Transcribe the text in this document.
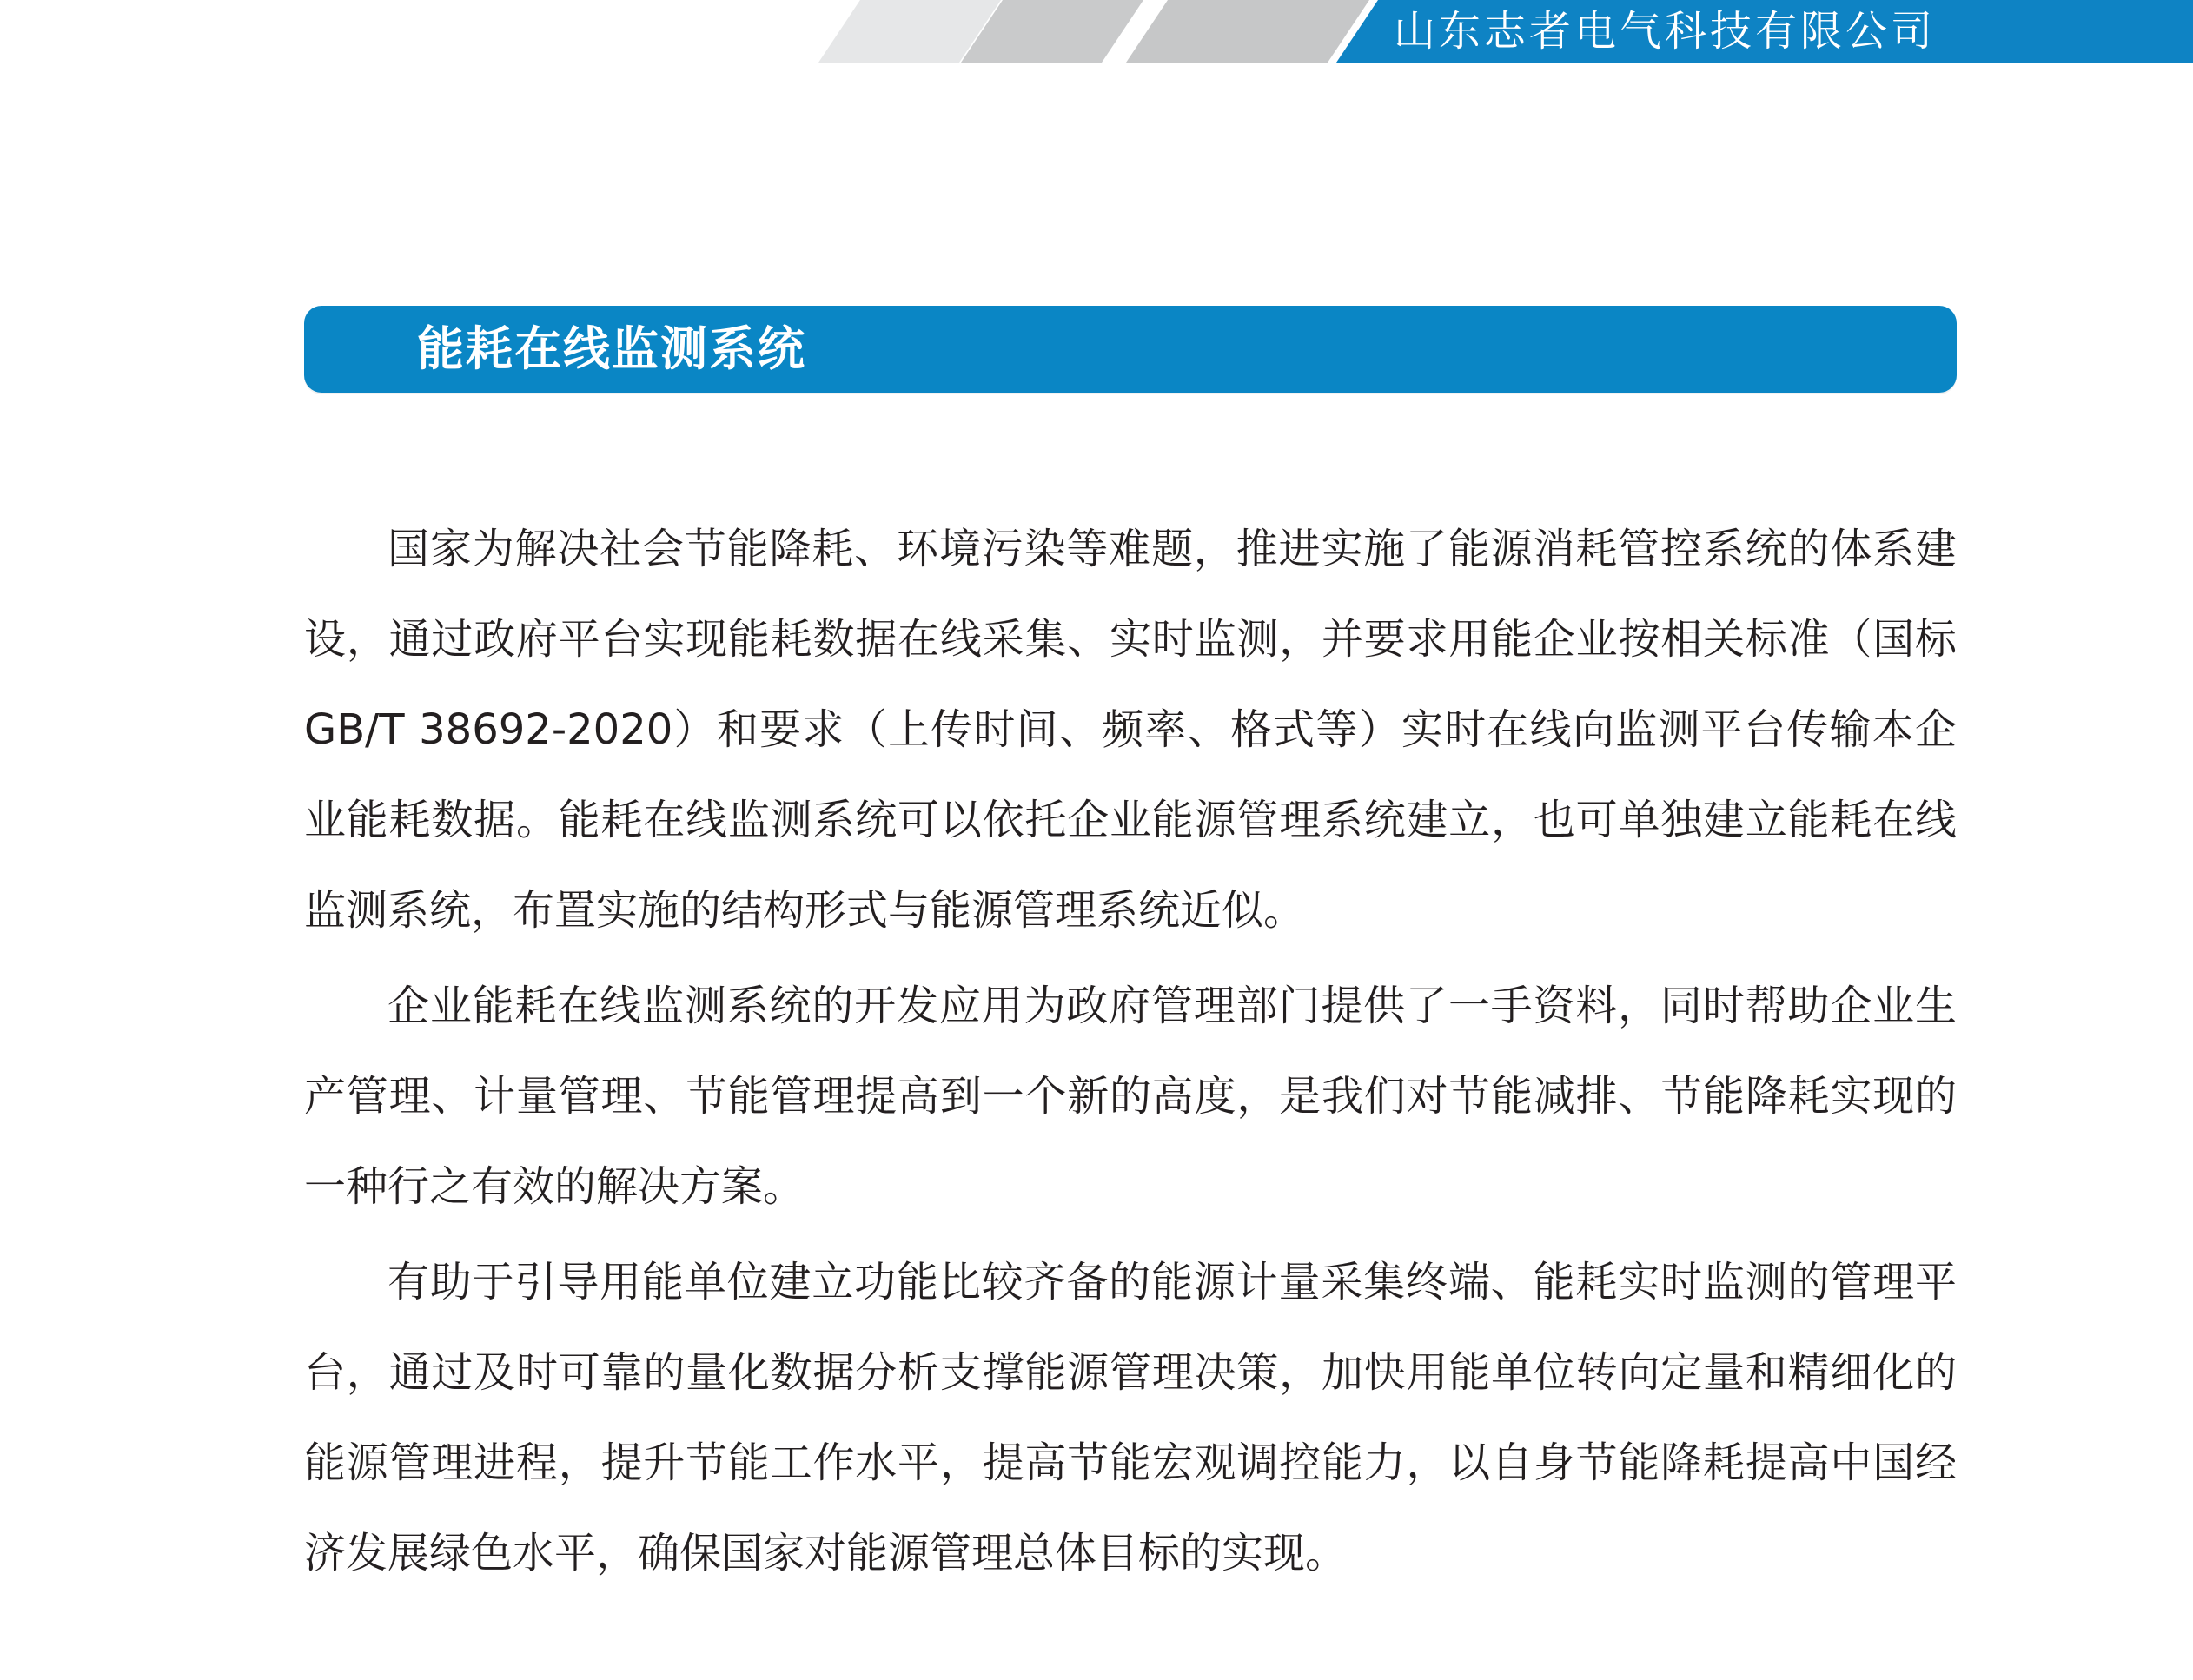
山东志者电气科技有限公司
能耗在线监测系统

国家为解决社会节能降耗、环境污染等难题，推进实施了能源消耗管控系统的体系建设，通过政府平台实现能耗数据在线采集、实时监测，并要求用能企业按相关标准（国标GB/T 38692-2020）和要求（上传时间、频率、格式等）实时在线向监测平台传输本企业能耗数据。能耗在线监测系统可以依托企业能源管理系统建立，也可单独建立能耗在线监测系统，布置实施的结构形式与能源管理系统近似。

企业能耗在线监测系统的开发应用为政府管理部门提供了一手资料，同时帮助企业生产管理、计量管理、节能管理提高到一个新的高度，是我们对节能减排、节能降耗实现的一种行之有效的解决方案。

有助于引导用能单位建立功能比较齐备的能源计量采集终端、能耗实时监测的管理平台，通过及时可靠的量化数据分析支撑能源管理决策，加快用能单位转向定量和精细化的能源管理进程，提升节能工作水平，提高节能宏观调控能力，以自身节能降耗提高中国经济发展绿色水平，确保国家对能源管理总体目标的实现。
